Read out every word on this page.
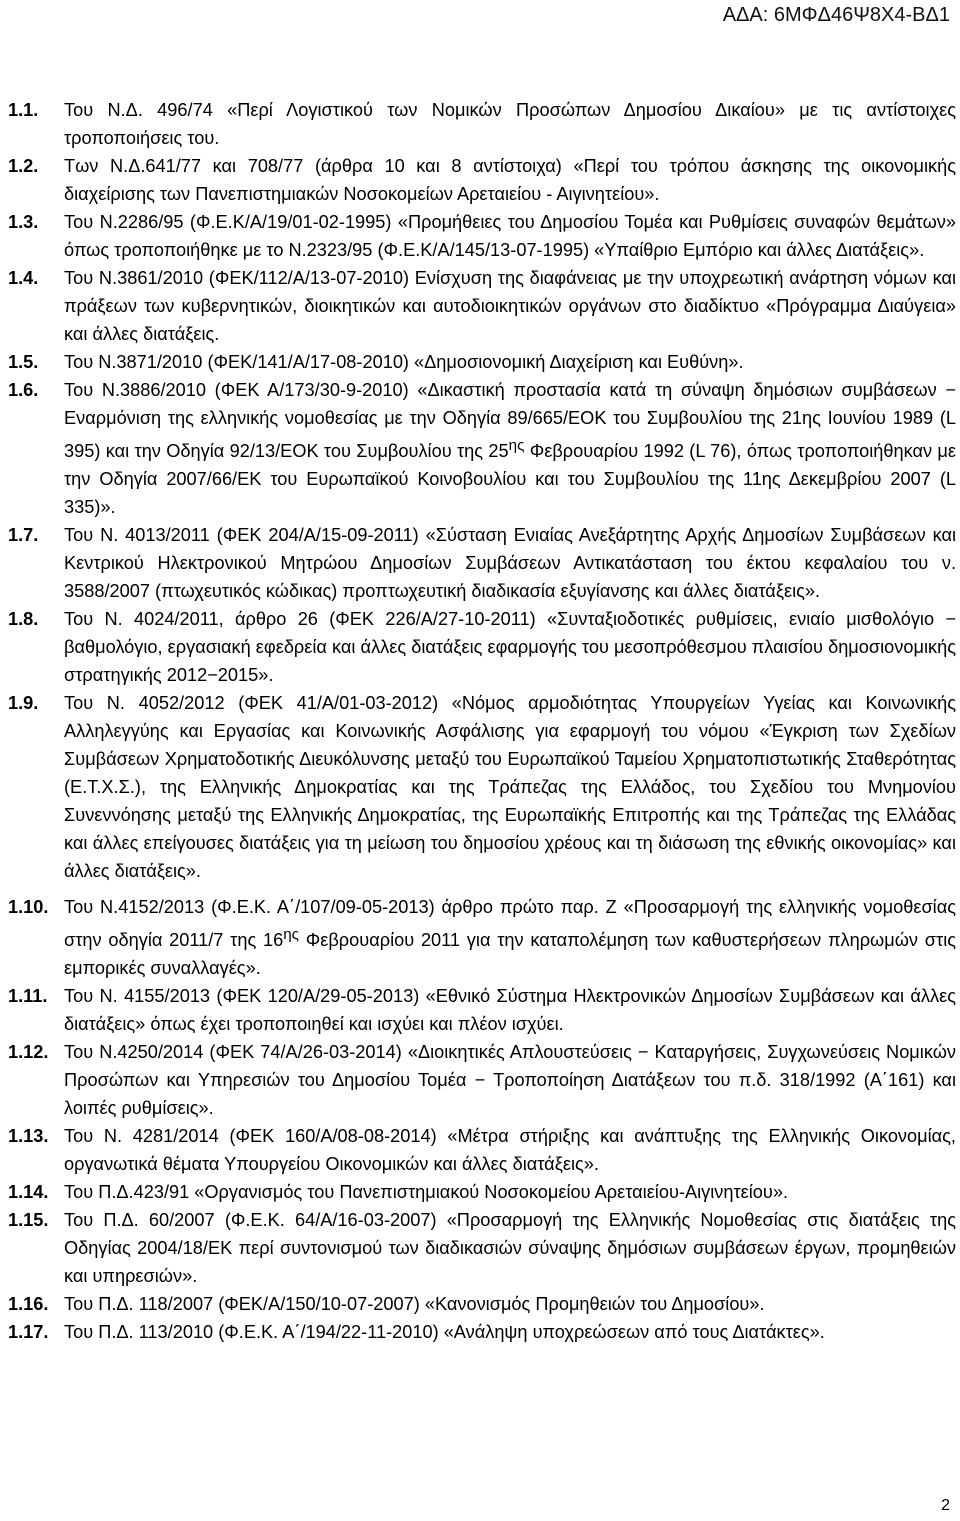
ΑΔΑ: 6ΜΦΔ46Ψ8Χ4-ΒΔ1
1.1.	Του Ν.Δ. 496/74 «Περί Λογιστικού των Νομικών Προσώπων Δημοσίου Δικαίου» με τις αντίστοιχες τροποποιήσεις του.
1.2.	Των Ν.Δ.641/77 και 708/77 (άρθρα 10 και 8 αντίστοιχα) «Περί του τρόπου άσκησης της οικονομικής διαχείρισης των Πανεπιστημιακών Νοσοκομείων Αρεταιείου - Αιγινητείου».
1.3.	Του Ν.2286/95 (Φ.Ε.Κ/Α/19/01-02-1995) «Προμήθειες του Δημοσίου Τομέα και Ρυθμίσεις συναφών θεμάτων» όπως τροποποιήθηκε με το Ν.2323/95 (Φ.Ε.Κ/Α/145/13-07-1995) «Υπαίθριο Εμπόριο και άλλες Διατάξεις».
1.4.	Του Ν.3861/2010 (ΦΕΚ/112/Α/13-07-2010) Ενίσχυση της διαφάνειας με την υποχρεωτική ανάρτηση νόμων και πράξεων των κυβερνητικών, διοικητικών και αυτοδιοικητικών οργάνων στο διαδίκτυο «Πρόγραμμα Διαύγεια» και άλλες διατάξεις.
1.5.	Του Ν.3871/2010 (ΦΕΚ/141/Α/17-08-2010) «Δημοσιονομική Διαχείριση και Ευθύνη».
1.6.	Του Ν.3886/2010 (ΦΕΚ Α/173/30-9-2010) «Δικαστική προστασία κατά τη σύναψη δημόσιων συμβάσεων − Εναρμόνιση της ελληνικής νομοθεσίας με την Οδηγία 89/665/ΕΟΚ του Συμβουλίου της 21ης Ιουνίου 1989 (L 395) και την Οδηγία 92/13/ΕΟΚ του Συμβουλίου της $25^{\eta\varsigma}$ Φεβρουαρίου 1992 (L 76), όπως τροποποιήθηκαν με την Οδηγία 2007/66/ΕΚ του Ευρωπαϊκού Κοινοβουλίου και του Συμβουλίου της 11ης Δεκεμβρίου 2007 (L 335)».
1.7.	Του Ν. 4013/2011 (ΦΕΚ 204/Α/15-09-2011) «Σύσταση Ενιαίας Ανεξάρτητης Αρχής Δημοσίων Συμβάσεων και Κεντρικού Ηλεκτρονικού Μητρώου Δημοσίων Συμβάσεων Αντικατάσταση του έκτου κεφαλαίου του ν. 3588/2007 (πτωχευτικός κώδικας) προπτωχευτική διαδικασία εξυγίανσης και άλλες διατάξεις».
1.8.	Του Ν. 4024/2011, άρθρο 26 (ΦΕΚ 226/Α/27-10-2011) «Συνταξιοδοτικές ρυθμίσεις, ενιαίο μισθολόγιο − βαθμολόγιο, εργασιακή εφεδρεία και άλλες διατάξεις εφαρμογής του μεσοπρόθεσμου πλαισίου δημοσιονομικής στρατηγικής 2012−2015».
1.9.	Του Ν. 4052/2012 (ΦΕΚ 41/Α/01-03-2012) «Νόμος αρμοδιότητας Υπουργείων Υγείας και Κοινωνικής Αλληλεγγύης και Εργασίας και Κοινωνικής Ασφάλισης για εφαρμογή του νόμου «Έγκριση των Σχεδίων Συμβάσεων Χρηματοδοτικής Διευκόλυνσης μεταξύ του Ευρωπαϊκού Ταμείου Χρηματοπιστωτικής Σταθερότητας (Ε.Τ.Χ.Σ.), της Ελληνικής Δημοκρατίας και της Τράπεζας της Ελλάδος, του Σχεδίου του Μνημονίου Συνεννόησης μεταξύ της Ελληνικής Δημοκρατίας, της Ευρωπαϊκής Επιτροπής και της Τράπεζας της Ελλάδας και άλλες επείγουσες διατάξεις για τη μείωση του δημοσίου χρέους και τη διάσωση της εθνικής οικονομίας» και άλλες διατάξεις».
1.10. Του Ν.4152/2013 (Φ.Ε.Κ. Α΄/107/09-05-2013) άρθρο πρώτο παρ. Ζ «Προσαρμογή της ελληνικής νομοθεσίας στην οδηγία 2011/7 της $16^{\eta\varsigma}$ Φεβρουαρίου 2011 για την καταπολέμηση των καθυστερήσεων πληρωμών στις εμπορικές συναλλαγές».
1.11. Του Ν. 4155/2013 (ΦΕΚ 120/Α/29-05-2013) «Εθνικό Σύστημα Ηλεκτρονικών Δημοσίων Συμβάσεων και άλλες διατάξεις» όπως έχει τροποποιηθεί και ισχύει και πλέον ισχύει.
1.12. Του Ν.4250/2014 (ΦΕΚ 74/Α/26-03-2014) «Διοικητικές Απλουστεύσεις − Καταργήσεις, Συγχωνεύσεις Νομικών Προσώπων και Υπηρεσιών του Δημοσίου Τομέα − Τροποποίηση Διατάξεων του π.δ. 318/1992 (Α΄161) και λοιπές ρυθμίσεις».
1.13. Του Ν. 4281/2014 (ΦΕΚ 160/Α/08-08-2014) «Μέτρα στήριξης και ανάπτυξης της Ελληνικής Οικονομίας, οργανωτικά θέματα Υπουργείου Οικονομικών και άλλες διατάξεις».
1.14. Του Π.Δ.423/91 «Οργανισμός του Πανεπιστημιακού Νοσοκομείου Αρεταιείου-Αιγινητείου».
1.15. Του Π.Δ. 60/2007 (Φ.Ε.Κ. 64/Α/16-03-2007) «Προσαρμογή της Ελληνικής Νομοθεσίας στις διατάξεις της Οδηγίας 2004/18/ΕΚ περί συντονισμού των διαδικασιών σύναψης δημόσιων συμβάσεων έργων, προμηθειών και υπηρεσιών».
1.16. Του Π.Δ. 118/2007 (ΦΕΚ/Α/150/10-07-2007) «Κανονισμός Προμηθειών του Δημοσίου».
1.17. Του Π.Δ. 113/2010 (Φ.Ε.Κ. Α΄/194/22-11-2010) «Ανάληψη υποχρεώσεων από τους Διατάκτες».
2
